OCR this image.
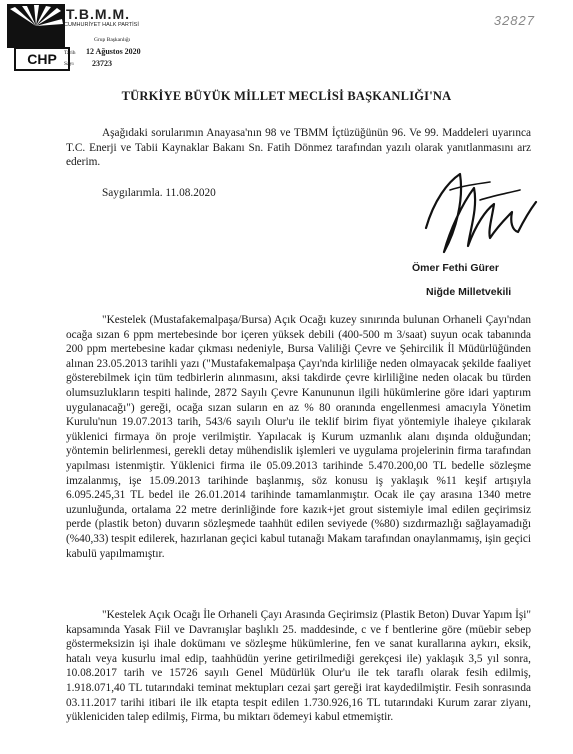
CHP
T.B.M.M.
CUMHURİYET HALK PARTİSİ
Grup Başkanlığı
Tarih 12 Ağustos 2020
Sayı 23723
32827
TÜRKİYE BÜYÜK MİLLET MECLİSİ BAŞKANLIĞI'NA
Aşağıdaki sorularımın Anayasa'nın 98 ve TBMM İçtüzüğünün 96. Ve 99. Maddeleri uyarınca T.C. Enerji ve Tabii Kaynaklar Bakanı Sn. Fatih Dönmez tarafından yazılı olarak yanıtlanmasını arz ederim.
Saygılarımla. 11.08.2020
Ömer Fethi Gürer
Niğde Milletvekili
"Kestelek (Mustafakemalpaşa/Bursa) Açık Ocağı kuzey sınırında bulunan Orhaneli Çayı'ndan ocağa sızan 6 ppm mertebesinde bor içeren yüksek debili (400-500 m 3/saat) suyun ocak tabanında 200 ppm mertebesine kadar çıkması nedeniyle, Bursa Valiliği Çevre ve Şehircilik İl Müdürlüğünden alınan 23.05.2013 tarihli yazı ("Mustafakemalpaşa Çayı'nda kirliliğe neden olmayacak şekilde faaliyet gösterebilmek için tüm tedbirlerin alınmasını, aksi takdirde çevre kirliliğine neden olacak bu türden olumsuzlukların tespiti halinde, 2872 Sayılı Çevre Kanununun ilgili hükümlerine göre idari yaptırım uygulanacağı") gereği, ocağa sızan suların en az % 80 oranında engellenmesi amacıyla Yönetim Kurulu'nun 19.07.2013 tarih, 543/6 sayılı Olur'u ile teklif birim fiyat yöntemiyle ihaleye çıkılarak yüklenici firmaya ön proje verilmiştir. Yapılacak iş Kurum uzmanlık alanı dışında olduğundan; yöntemin belirlenmesi, gerekli detay mühendislik işlemleri ve uygulama projelerinin firma tarafından yapılması istenmiştir. Yüklenici firma ile 05.09.2013 tarihinde 5.470.200,00 TL bedelle sözleşme imzalanmış, işe 15.09.2013 tarihinde başlanmış, söz konusu iş yaklaşık %11 keşif artışıyla 6.095.245,31 TL bedel ile 26.01.2014 tarihinde tamamlanmıştır. Ocak ile çay arasına 1340 metre uzunluğunda, ortalama 22 metre derinliğinde fore kazık+jet grout sistemiyle imal edilen geçirimsiz perde (plastik beton) duvarın sözleşmede taahhüt edilen seviyede (%80) sızdırmazlığı sağlayamadığı (%40,33) tespit edilerek, hazırlanan geçici kabul tutanağı Makam tarafından onaylanmamış, işin geçici kabulü yapılmamıştır.
"Kestelek Açık Ocağı İle Orhaneli Çayı Arasında Geçirimsiz (Plastik Beton) Duvar Yapım İşi" kapsamında Yasak Fiil ve Davranışlar başlıklı 25. maddesinde, c ve f bentlerine göre (müebir sebep göstermeksizin işi ihale dokümanı ve sözleşme hükümlerine, fen ve sanat kurallarına aykırı, eksik, hatalı veya kusurlu imal edip, taahhüdün yerine getirilmediği gerekçesi ile) yaklaşık 3,5 yıl sonra, 10.08.2017 tarih ve 15726 sayılı Genel Müdürlük Olur'u ile tek taraflı olarak fesih edilmiş, 1.918.071,40 TL tutarındaki teminat mektupları cezai şart gereği irat kaydedilmiştir. Fesih sonrasında 03.11.2017 tarihi itibari ile ilk etapta tespit edilen 1.730.926,16 TL tutarındaki Kurum zarar ziyanı, yükleniciden talep edilmiş, Firma, bu miktarı ödemeyi kabul etmemiştir.
